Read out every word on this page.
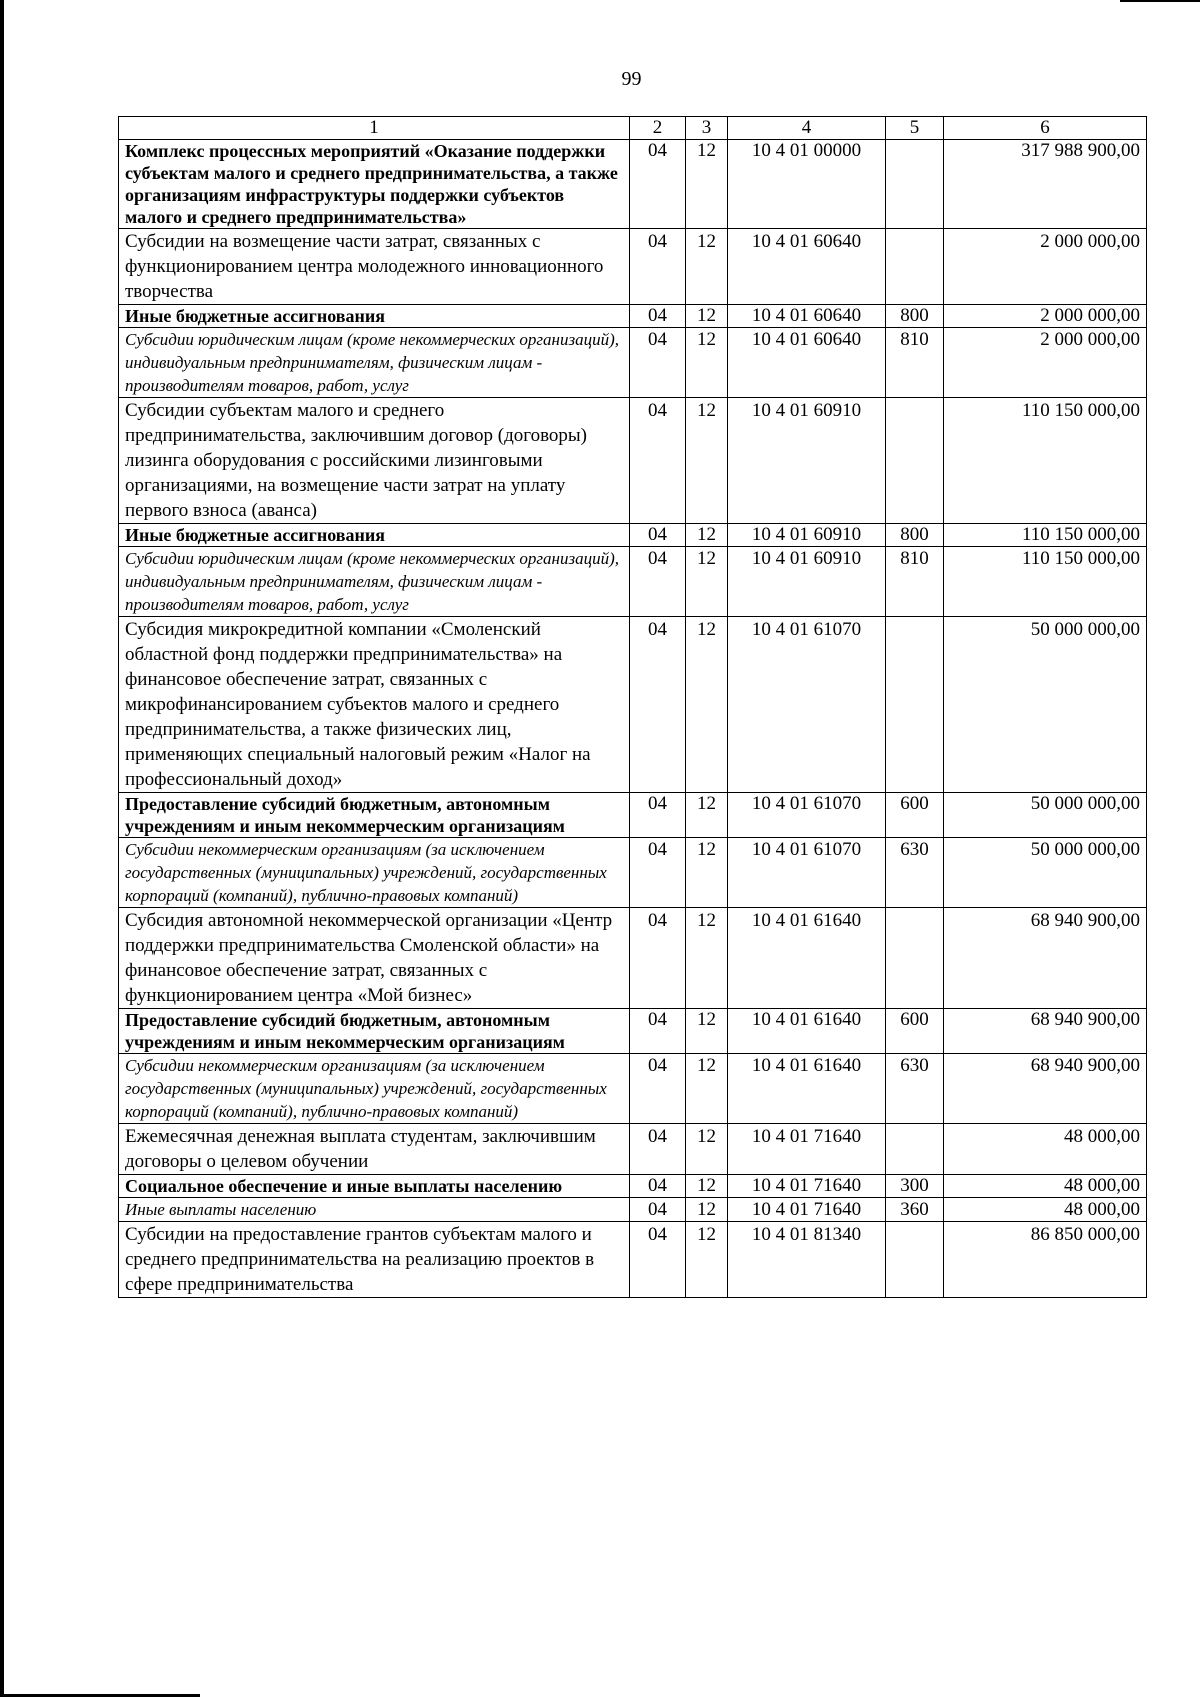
99
1	2	3	4	5	6
Комплекс процессных мероприятий «Оказание поддержки субъектам малого и среднего предпринимательства, а также организациям инфраструктуры поддержки субъектов малого и среднего предпринимательства»	04	12	10 4 01 00000		317 988 900,00
Субсидии на возмещение части затрат, связанных с функционированием центра молодежного инновационного творчества	04	12	10 4 01 60640		2 000 000,00
Иные бюджетные ассигнования	04	12	10 4 01 60640	800	2 000 000,00
Субсидии юридическим лицам (кроме некоммерческих организаций), индивидуальным предпринимателям, физическим лицам - производителям товаров, работ, услуг	04	12	10 4 01 60640	810	2 000 000,00
Субсидии субъектам малого и среднего предпринимательства, заключившим договор (договоры) лизинга оборудования с российскими лизинговыми организациями, на возмещение части затрат на уплату первого взноса (аванса)	04	12	10 4 01 60910		110 150 000,00
Иные бюджетные ассигнования	04	12	10 4 01 60910	800	110 150 000,00
Субсидии юридическим лицам (кроме некоммерческих организаций), индивидуальным предпринимателям, физическим лицам - производителям товаров, работ, услуг	04	12	10 4 01 60910	810	110 150 000,00
Субсидия микрокредитной компании «Смоленский областной фонд поддержки предпринимательства» на финансовое обеспечение затрат, связанных с микрофинансированием субъектов малого и среднего предпринимательства, а также физических лиц, применяющих специальный налоговый режим «Налог на профессиональный доход»	04	12	10 4 01 61070		50 000 000,00
Предоставление субсидий бюджетным, автономным учреждениям и иным некоммерческим организациям	04	12	10 4 01 61070	600	50 000 000,00
Субсидии некоммерческим организациям (за исключением государственных (муниципальных) учреждений, государственных корпораций (компаний), публично-правовых компаний)	04	12	10 4 01 61070	630	50 000 000,00
Субсидия автономной некоммерческой организации «Центр поддержки предпринимательства Смоленской области» на финансовое обеспечение затрат, связанных с функционированием центра «Мой бизнес»	04	12	10 4 01 61640		68 940 900,00
Предоставление субсидий бюджетным, автономным учреждениям и иным некоммерческим организациям	04	12	10 4 01 61640	600	68 940 900,00
Субсидии некоммерческим организациям (за исключением государственных (муниципальных) учреждений, государственных корпораций (компаний), публично-правовых компаний)	04	12	10 4 01 61640	630	68 940 900,00
Ежемесячная денежная выплата студентам, заключившим договоры о целевом обучении	04	12	10 4 01 71640		48 000,00
Социальное обеспечение и иные выплаты населению	04	12	10 4 01 71640	300	48 000,00
Иные выплаты населению	04	12	10 4 01 71640	360	48 000,00
Субсидии на предоставление грантов субъектам малого и среднего предпринимательства на реализацию проектов в сфере предпринимательства	04	12	10 4 01 81340		86 850 000,00
